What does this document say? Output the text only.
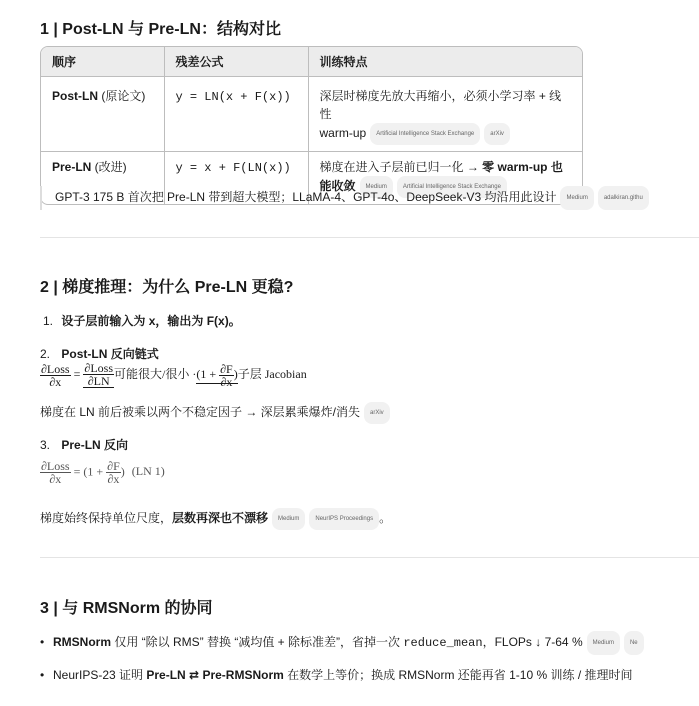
1 | Post-LN 与 Pre-LN：结构对比
顺序	残差公式	训练特点
Post-LN (原论文)	y = LN(x + F(x))	深层时梯度先放大再缩小，必须小学习率 + 线性
warm-up Artificial Intelligence Stack Exchange arXiv

Pre-LN (改进)	y = x + F(LN(x))	梯度在进入子层前已归一化 → 零 warm-up 也
能收敛 Medium Artificial Intelligence Stack Exchange
GPT-3 175 B 首次把 Pre-LN 带到超大模型；LLaMA-4、GPT-4o、DeepSeek-V3 均沿用此设计 Medium	adalkiran.githu
2 | 梯度推理：为什么 Pre-LN 更稳?
1. 设子层前输入为 x，输出为 F(x)。
2. Post-LN 反向链式
$\frac{\text{∂Loss}}{\partial x} = \frac{\text{∂Loss}}{\partial LN}$ 可能很大/很小 $\cdot(1 + \frac{\partial F}{\partial x}$ )子层 Jacobian
梯度在 LN 前后被乘以两个不稳定因子 → 深层累乘爆炸/消失 arXiv
3. Pre-LN 反向
$\frac{\text{∂Loss}}{\partial x} = (1 + \frac{\partial F}{\partial x}$ ) (LN 1)
梯度始终保持单位尺度，层数再深也不漂移 Medium	NeurIPS Proceedings 。
3 | 与 RMSNorm 的协同
• RMSNorm 仅用 “除以 RMS” 替换 “减均值 + 除标准差”，省掉一次 reduce_mean，FLOPs ↓ 7-64 % Medium	Ne
• NeurIPS-23 证明 Pre-LN ⇄ Pre-RMSNorm 在数学上等价；换成 RMSNorm 还能再省 1-10 % 训练 / 推理时间
